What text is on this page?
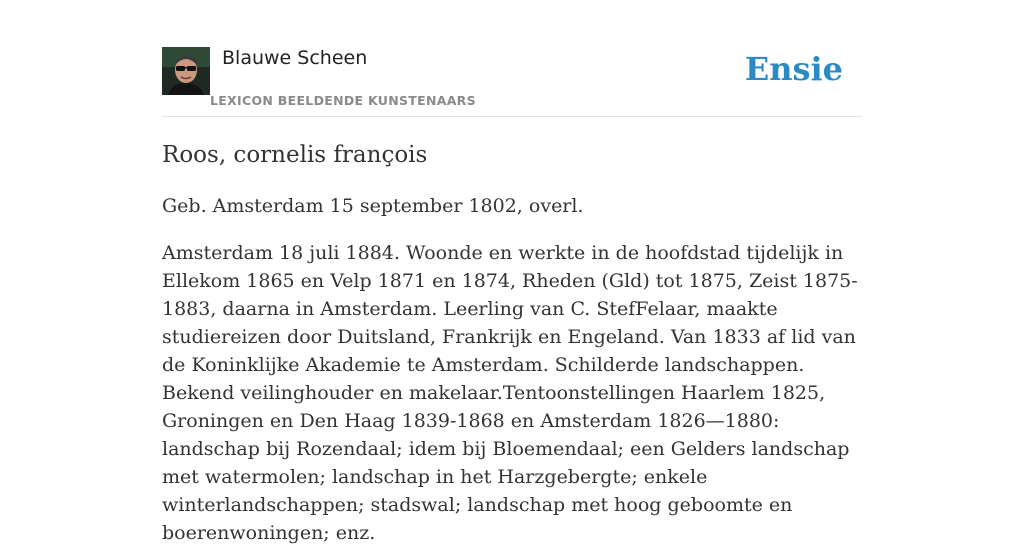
Blauwe Scheen
LEXICON BEELDENDE KUNSTENAARS
Ensie
Roos, cornelis françois

Geb. Amsterdam 15 september 1802, overl.

Amsterdam 18 juli 1884. Woonde en werkte in de hoofdstad tijdelijk in Ellekom 1865 en Velp 1871 en 1874, Rheden (Gld) tot 1875, Zeist 1875-1883, daarna in Amsterdam. Leerling van C. StefFelaar, maakte studiereizen door Duitsland, Frankrijk en Engeland. Van 1833 af lid van de Koninklijke Akademie te Amsterdam. Schilderde landschappen. Bekend veilinghouder en makelaar.Tentoonstellingen Haarlem 1825, Groningen en Den Haag 1839-1868 en Amsterdam 1826—1880: landschap bij Rozendaal; idem bij Bloemendaal; een Gelders landschap met watermolen; landschap in het Harzgebergte; enkele winterlandschappen; stadswal; landschap met hoog geboomte en boerenwoningen; enz.
